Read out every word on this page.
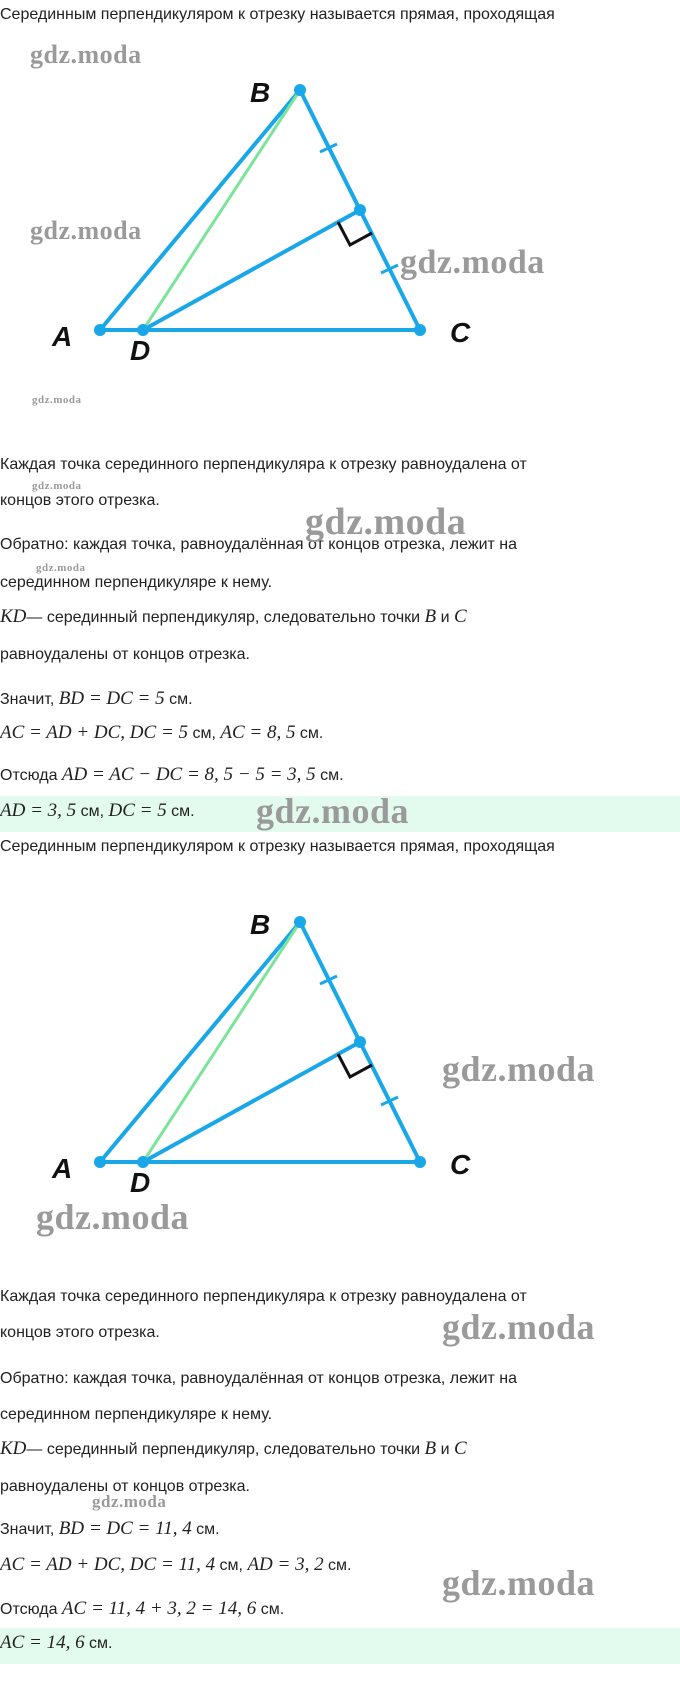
Серединным перпендикуляром к отрезку называется прямая, проходящая
A
B
C
D
Каждая точка серединного перпендикуляра к отрезку равноудалена от
концов этого отрезка.
Обратно: каждая точка, равноудалённая от концов отрезка, лежит на
серединном перпендикуляре к нему.
KD— серединный перпендикуляр, следовательно точки B и C
равноудалены от концов отрезка.
Значит, BD = DC = 5 см.
AC = AD + DC, DC = 5 см, AC = 8, 5 см.
Отсюда AD = AC − DC = 8, 5 − 5 = 3, 5 см.
AD = 3, 5 см, DC = 5 см.
Серединным перпендикуляром к отрезку называется прямая, проходящая
A
B
C
D
Каждая точка серединного перпендикуляра к отрезку равноудалена от
концов этого отрезка.
Обратно: каждая точка, равноудалённая от концов отрезка, лежит на
серединном перпендикуляре к нему.
KD— серединный перпендикуляр, следовательно точки B и C
равноудалены от концов отрезка.
Значит, BD = DC = 11, 4 см.
AC = AD + DC, DC = 11, 4 см, AD = 3, 2 см.
Отсюда AC = 11, 4 + 3, 2 = 14, 6 см.
AC = 14, 6 см.
gdz.moda
gdz.moda
gdz.moda
gdz.moda
gdz.moda
gdz.moda
gdz.moda
gdz.moda
gdz.moda
gdz.moda
gdz.moda
gdz.moda
gdz.moda
